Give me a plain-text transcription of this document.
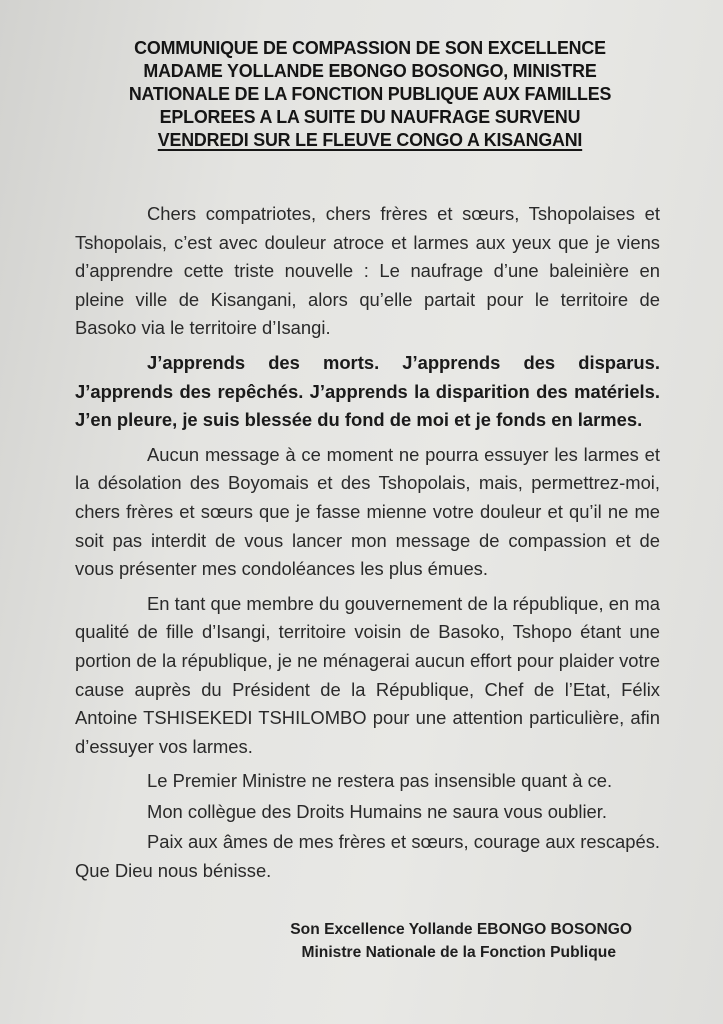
COMMUNIQUE DE COMPASSION DE SON EXCELLENCE
MADAME YOLLANDE EBONGO BOSONGO, MINISTRE
NATIONALE DE LA FONCTION PUBLIQUE AUX FAMILLES
EPLOREES A LA SUITE DU NAUFRAGE SURVENU
VENDREDI SUR LE FLEUVE CONGO A KISANGANI

Chers compatriotes, chers frères et sœurs, Tshopolaises et Tshopolais, c’est avec douleur atroce et larmes aux yeux que je viens d’apprendre cette triste nouvelle : Le naufrage d’une baleinière en pleine ville de Kisangani, alors qu’elle partait pour le territoire de Basoko via le territoire d’Isangi.

J’apprends des morts. J’apprends des disparus. J’apprends des repêchés. J’apprends la disparition des matériels. J’en pleure, je suis blessée du fond de moi et je fonds en larmes.

Aucun message à ce moment ne pourra essuyer les larmes et la désolation des Boyomais et des Tshopolais, mais, permettrez-moi, chers frères et sœurs que je fasse mienne votre douleur et qu’il ne me soit pas interdit de vous lancer mon message de compassion et de vous présenter mes condoléances les plus émues.

En tant que membre du gouvernement de la république, en ma qualité de fille d’Isangi, territoire voisin de Basoko, Tshopo étant une portion de la république, je ne ménagerai aucun effort pour plaider votre cause auprès du Président de la République, Chef de l’Etat, Félix Antoine TSHISEKEDI TSHILOMBO pour une attention particulière, afin d’essuyer vos larmes.

Le Premier Ministre ne restera pas insensible quant à ce.

Mon collègue des Droits Humains ne saura vous oublier.

Paix aux âmes de mes frères et sœurs, courage aux rescapés. Que Dieu nous bénisse.

Son Excellence Yollande EBONGO BOSONGO
Ministre Nationale de la Fonction Publique
